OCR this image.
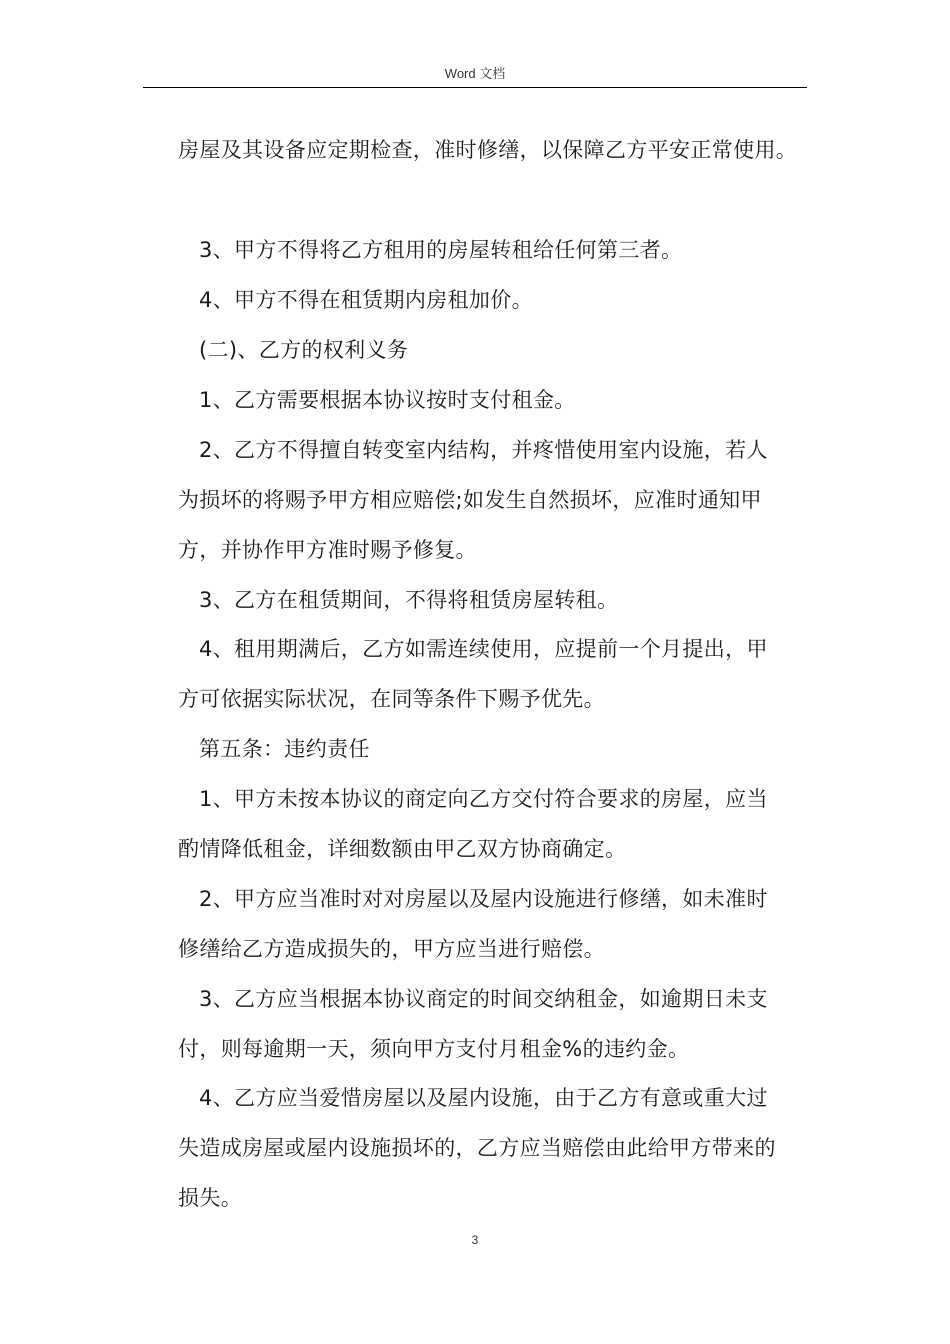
Word 文档
房屋及其设备应定期检查，准时修缮，以保障乙方平安正常使用。
3、甲方不得将乙方租用的房屋转租给任何第三者。
4、甲方不得在租赁期内房租加价。
(二)、乙方的权利义务
1、乙方需要根据本协议按时支付租金。
2、乙方不得擅自转变室内结构，并疼惜使用室内设施，若人
为损坏的将赐予甲方相应赔偿;如发生自然损坏，应准时通知甲
方，并协作甲方准时赐予修复。
3、乙方在租赁期间，不得将租赁房屋转租。
4、租用期满后，乙方如需连续使用，应提前一个月提出，甲
方可依据实际状况，在同等条件下赐予优先。
第五条：违约责任
1、甲方未按本协议的商定向乙方交付符合要求的房屋，应当
酌情降低租金，详细数额由甲乙双方协商确定。
2、甲方应当准时对对房屋以及屋内设施进行修缮，如未准时
修缮给乙方造成损失的，甲方应当进行赔偿。
3、乙方应当根据本协议商定的时间交纳租金，如逾期日未支
付，则每逾期一天，须向甲方支付月租金%的违约金。
4、乙方应当爱惜房屋以及屋内设施，由于乙方有意或重大过
失造成房屋或屋内设施损坏的，乙方应当赔偿由此给甲方带来的
损失。
3
